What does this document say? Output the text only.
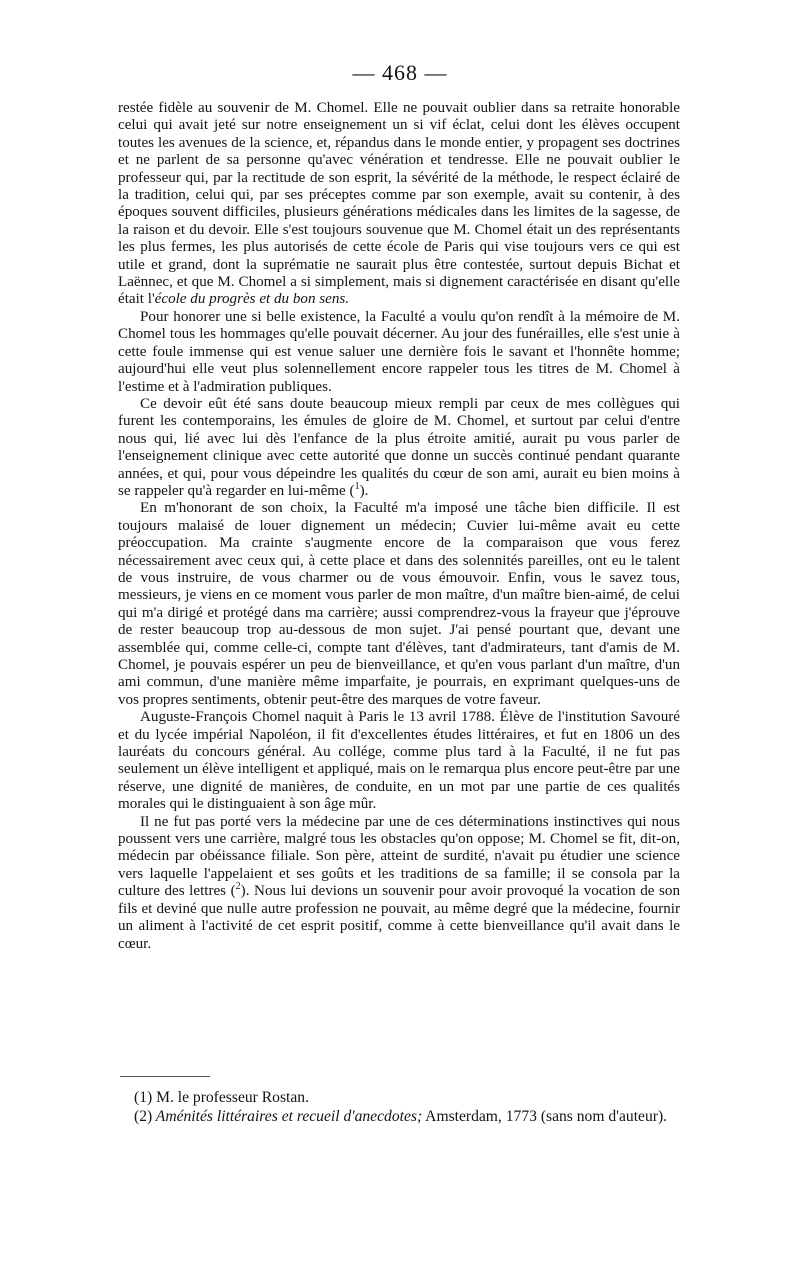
— 468 —

restée fidèle au souvenir de M. Chomel. Elle ne pouvait oublier dans sa retraite honorable celui qui avait jeté sur notre enseignement un si vif éclat, celui dont les élèves occupent toutes les avenues de la science, et, répandus dans le monde entier, y propagent ses doctrines et ne parlent de sa personne qu'avec vénération et tendresse. Elle ne pouvait oublier le professeur qui, par la rectitude de son esprit, la sévérité de la méthode, le respect éclairé de la tradition, celui qui, par ses préceptes comme par son exemple, avait su contenir, à des époques souvent difficiles, plusieurs générations médicales dans les limites de la sagesse, de la raison et du devoir. Elle s'est toujours souvenue que M. Chomel était un des représentants les plus fermes, les plus autorisés de cette école de Paris qui vise toujours vers ce qui est utile et grand, dont la suprématie ne saurait plus être contestée, surtout depuis Bichat et Laënnec, et que M. Chomel a si simplement, mais si dignement caractérisée en disant qu'elle était l'école du progrès et du bon sens.

Pour honorer une si belle existence, la Faculté a voulu qu'on rendît à la mémoire de M. Chomel tous les hommages qu'elle pouvait décerner. Au jour des funérailles, elle s'est unie à cette foule immense qui est venue saluer une dernière fois le savant et l'honnête homme; aujourd'hui elle veut plus solennellement encore rappeler tous les titres de M. Chomel à l'estime et à l'admiration publiques.

Ce devoir eût été sans doute beaucoup mieux rempli par ceux de mes collègues qui furent les contemporains, les émules de gloire de M. Chomel, et surtout par celui d'entre nous qui, lié avec lui dès l'enfance de la plus étroite amitié, aurait pu vous parler de l'enseignement clinique avec cette autorité que donne un succès continué pendant quarante années, et qui, pour vous dépeindre les qualités du cœur de son ami, aurait eu bien moins à se rappeler qu'à regarder en lui-même ($^1$).

En m'honorant de son choix, la Faculté m'a imposé une tâche bien difficile. Il est toujours malaisé de louer dignement un médecin; Cuvier lui-même avait eu cette préoccupation. Ma crainte s'augmente encore de la comparaison que vous ferez nécessairement avec ceux qui, à cette place et dans des solennités pareilles, ont eu le talent de vous instruire, de vous charmer ou de vous émouvoir. Enfin, vous le savez tous, messieurs, je viens en ce moment vous parler de mon maître, d'un maître bien-aimé, de celui qui m'a dirigé et protégé dans ma carrière; aussi comprendrez-vous la frayeur que j'éprouve de rester beaucoup trop au-dessous de mon sujet. J'ai pensé pourtant que, devant une assemblée qui, comme celle-ci, compte tant d'élèves, tant d'admirateurs, tant d'amis de M. Chomel, je pouvais espérer un peu de bienveillance, et qu'en vous parlant d'un maître, d'un ami commun, d'une manière même imparfaite, je pourrais, en exprimant quelques-uns de vos propres sentiments, obtenir peut-être des marques de votre faveur.

Auguste-François Chomel naquit à Paris le 13 avril 1788. Élève de l'institution Savouré et du lycée impérial Napoléon, il fit d'excellentes études littéraires, et fut en 1806 un des lauréats du concours général. Au collége, comme plus tard à la Faculté, il ne fut pas seulement un élève intelligent et appliqué, mais on le remarqua plus encore peut-être par une réserve, une dignité de manières, de conduite, en un mot par une partie de ces qualités morales qui le distinguaient à son âge mûr.

Il ne fut pas porté vers la médecine par une de ces déterminations instinctives qui nous poussent vers une carrière, malgré tous les obstacles qu'on oppose; M. Chomel se fit, dit-on, médecin par obéissance filiale. Son père, atteint de surdité, n'avait pu étudier une science vers laquelle l'appelaient et ses goûts et les traditions de sa famille; il se consola par la culture des lettres ($^2$). Nous lui devions un souvenir pour avoir provoqué la vocation de son fils et deviné que nulle autre profession ne pouvait, au même degré que la médecine, fournir un aliment à l'activité de cet esprit positif, comme à cette bienveillance qu'il avait dans le cœur.

(1) M. le professeur Rostan.

(2) Aménités littéraires et recueil d'anecdotes; Amsterdam, 1773 (sans nom d'auteur).
